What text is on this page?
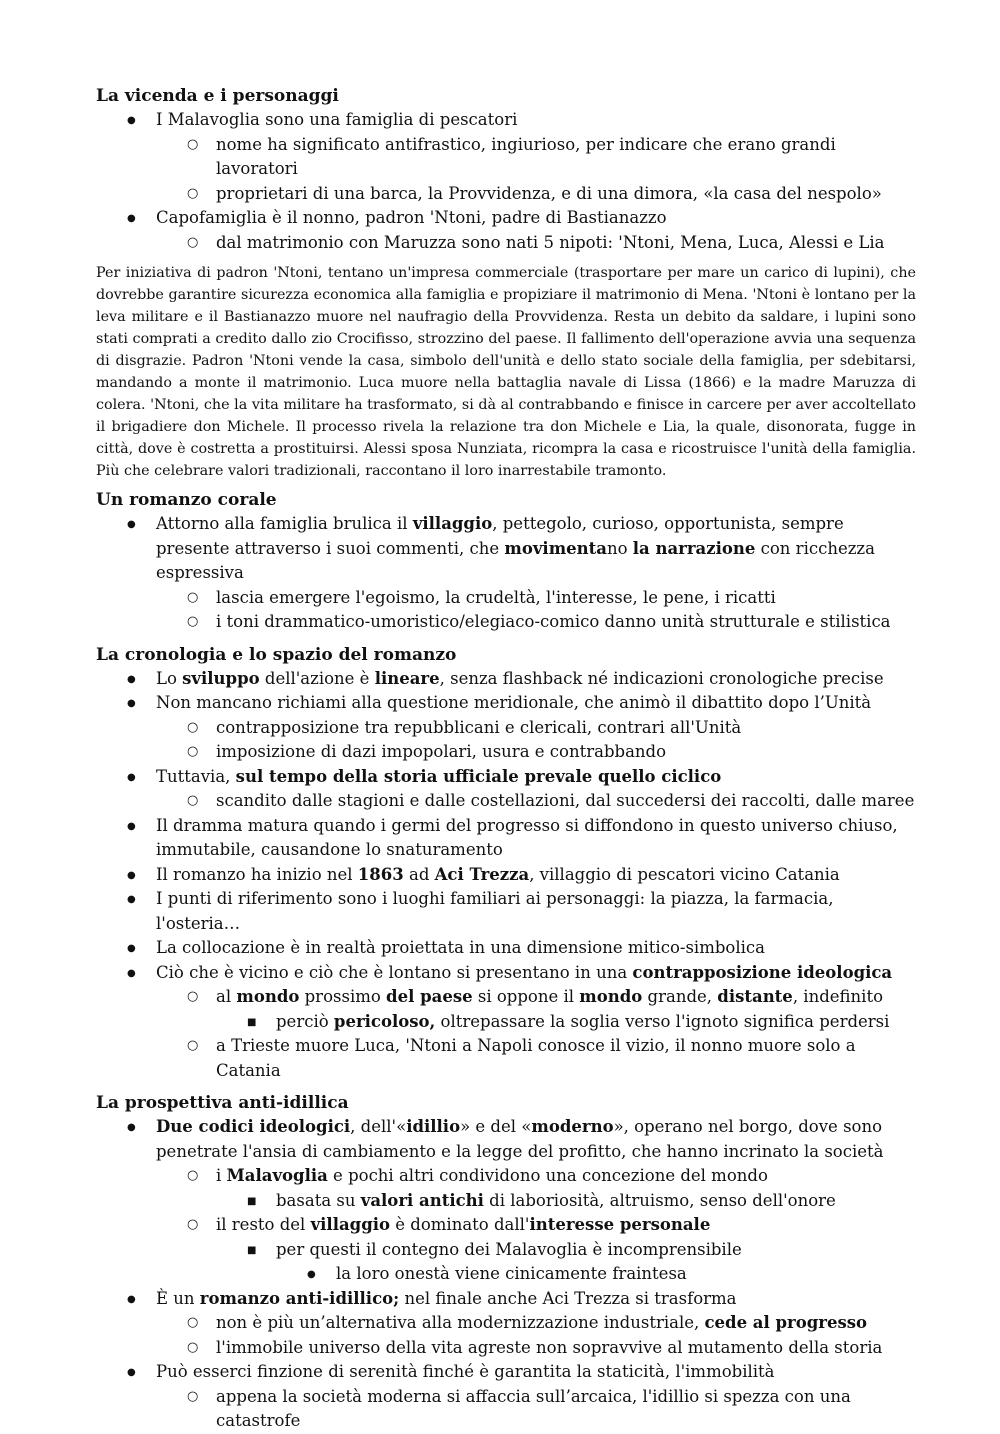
La vicenda e i personaggi
● I Malavoglia sono una famiglia di pescatori
○ nome ha significato antifrastico, ingiurioso, per indicare che erano grandi lavoratori
○ proprietari di una barca, la Provvidenza, e di una dimora, «la casa del nespolo»
● Capofamiglia è il nonno, padron 'Ntoni, padre di Bastianazzo
○ dal matrimonio con Maruzza sono nati 5 nipoti: 'Ntoni, Mena, Luca, Alessi e Lia

Per iniziativa di padron 'Ntoni, tentano un'impresa commerciale (trasportare per mare un carico di lupini), che dovrebbe garantire sicurezza economica alla famiglia e propiziare il matrimonio di Mena. 'Ntoni è lontano per la leva militare e il Bastianazzo muore nel naufragio della Provvidenza. Resta un debito da saldare, i lupini sono stati comprati a credito dallo zio Crocifisso, strozzino del paese. Il fallimento dell'operazione avvia una sequenza di disgrazie. Padron 'Ntoni vende la casa, simbolo dell'unità e dello stato sociale della famiglia, per sdebitarsi, mandando a monte il matrimonio. Luca muore nella battaglia navale di Lissa (1866) e la madre Maruzza di colera. 'Ntoni, che la vita militare ha trasformato, si dà al contrabbando e finisce in carcere per aver accoltellato il brigadiere don Michele. Il processo rivela la relazione tra don Michele e Lia, la quale, disonorata, fugge in città, dove è costretta a prostituirsi. Alessi sposa Nunziata, ricompra la casa e ricostruisce l'unità della famiglia. Più che celebrare valori tradizionali, raccontano il loro inarrestabile tramonto.

Un romanzo corale
● Attorno alla famiglia brulica il villaggio, pettegolo, curioso, opportunista, sempre presente attraverso i suoi commenti, che movimentano la narrazione con ricchezza espressiva
○ lascia emergere l'egoismo, la crudeltà, l'interesse, le pene, i ricatti
○ i toni drammatico-umoristico/elegiaco-comico danno unità strutturale e stilistica
La cronologia e lo spazio del romanzo
● Lo sviluppo dell'azione è lineare, senza flashback né indicazioni cronologiche precise
● Non mancano richiami alla questione meridionale, che animò il dibattito dopo l’Unità
○ contrapposizione tra repubblicani e clericali, contrari all'Unità
○ imposizione di dazi impopolari, usura e contrabbando
● Tuttavia, sul tempo della storia ufficiale prevale quello ciclico
○ scandito dalle stagioni e dalle costellazioni, dal succedersi dei raccolti, dalle maree
● Il dramma matura quando i germi del progresso si diffondono in questo universo chiuso, immutabile, causandone lo snaturamento
● Il romanzo ha inizio nel 1863 ad Aci Trezza, villaggio di pescatori vicino Catania
● I punti di riferimento sono i luoghi familiari ai personaggi: la piazza, la farmacia, l'osteria…
● La collocazione è in realtà proiettata in una dimensione mitico-simbolica
● Ciò che è vicino e ciò che è lontano si presentano in una contrapposizione ideologica
○ al mondo prossimo del paese si oppone il mondo grande, distante, indefinito
■ perciò pericoloso, oltrepassare la soglia verso l'ignoto significa perdersi
○ a Trieste muore Luca, 'Ntoni a Napoli conosce il vizio, il nonno muore solo a Catania
La prospettiva anti-idillica
● Due codici ideologici, dell'«idillio» e del «moderno», operano nel borgo, dove sono penetrate l'ansia di cambiamento e la legge del profitto, che hanno incrinato la società
○ i Malavoglia e pochi altri condividono una concezione del mondo
■ basata su valori antichi di laboriosità, altruismo, senso dell'onore
○ il resto del villaggio è dominato dall'interesse personale
■ per questi il contegno dei Malavoglia è incomprensibile
● la loro onestà viene cinicamente fraintesa
● È un romanzo anti-idillico; nel finale anche Aci Trezza si trasforma
○ non è più un’alternativa alla modernizzazione industriale, cede al progresso
○ l'immobile universo della vita agreste non sopravvive al mutamento della storia
● Può esserci finzione di serenità finché è garantita la staticità, l'immobilità
○ appena la società moderna si affaccia sull’arcaica, l'idillio si spezza con una catastrofe
